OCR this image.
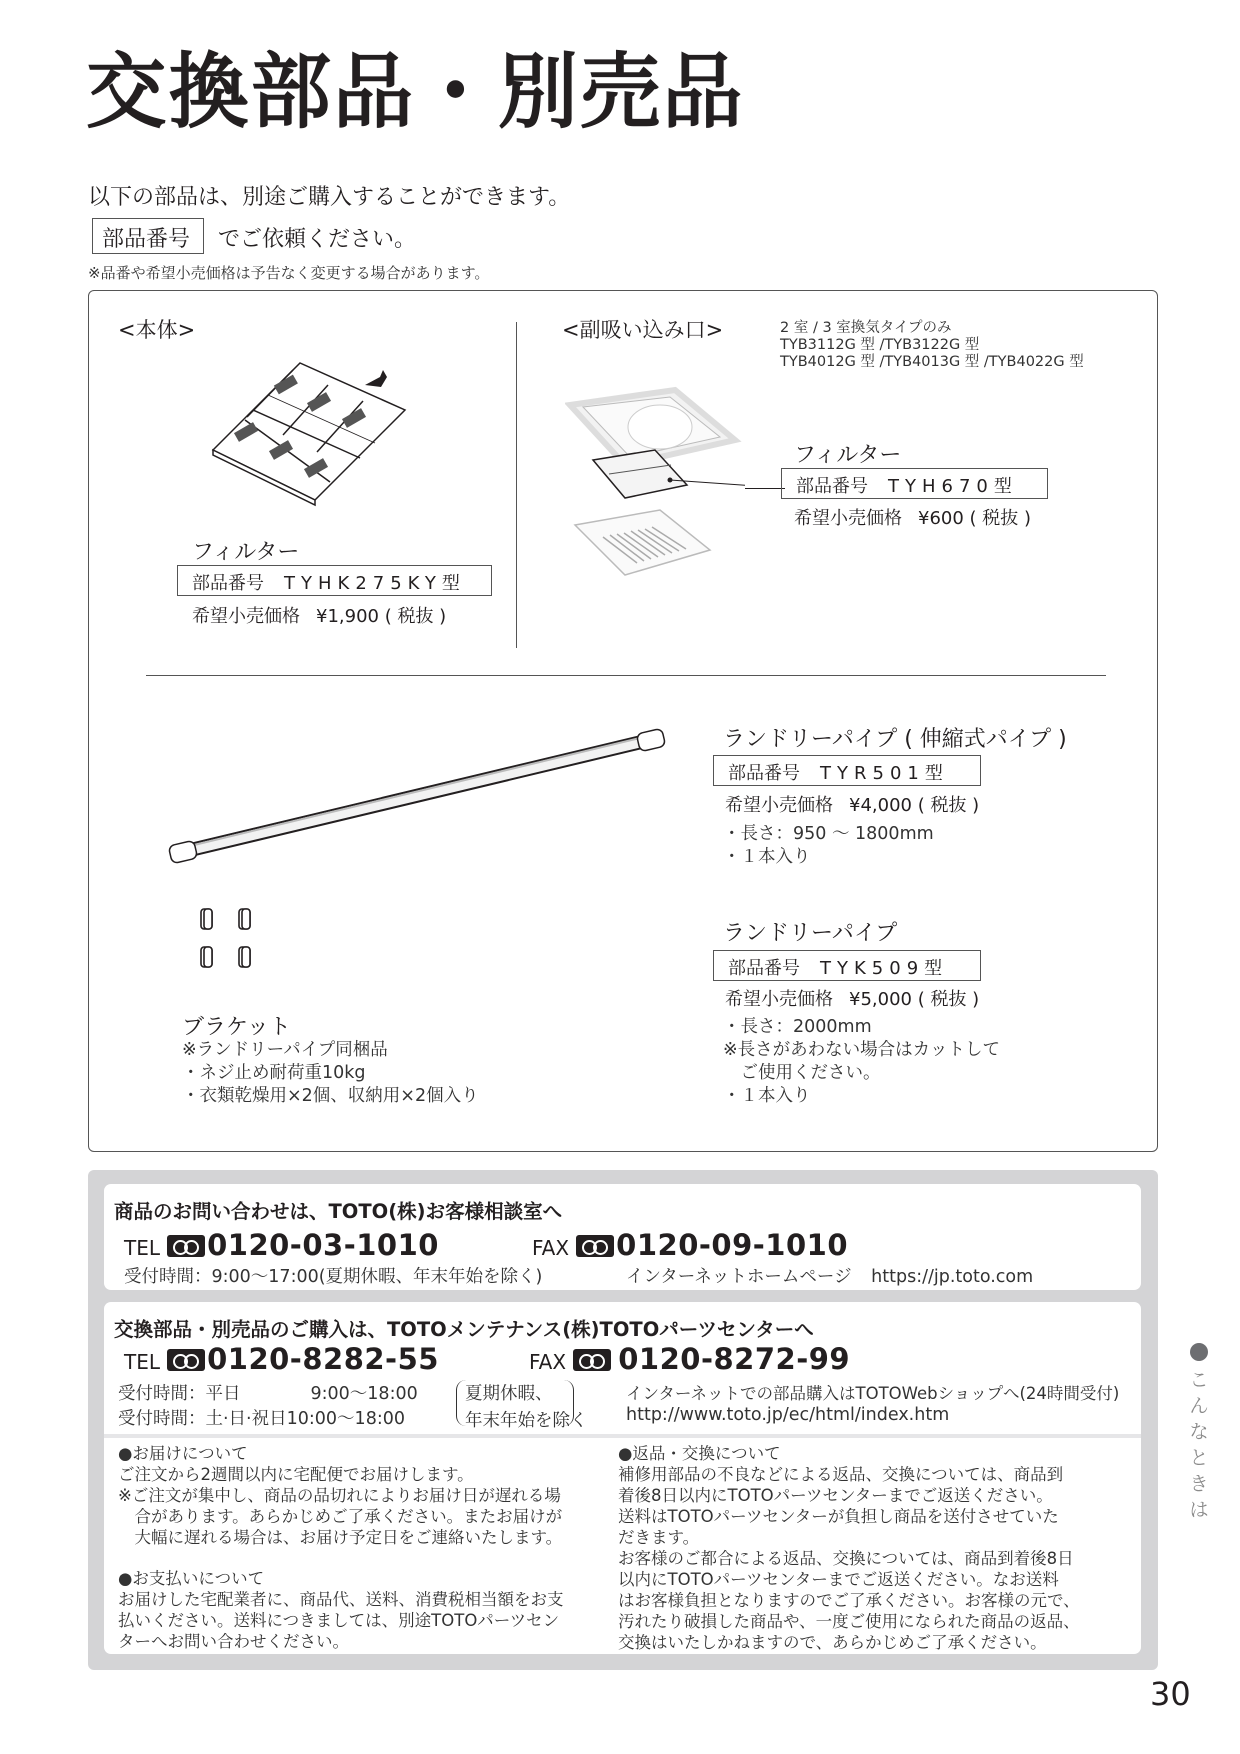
交換部品・別売品
以下の部品は、別途ご購入することができます。
部品番号	でご依頼ください。
※品番や希望小売価格は予告なく変更する場合があります。
<本体>
フィルター
部品番号 TYHK275KY型
希望小売価格 ¥1,900 ( 税抜 )
<副吸い込み口>	2 室 / 3 室換気タイプのみ
TYB3112G 型 /TYB3122G 型
TYB4012G 型 /TYB4013G 型 /TYB4022G 型
フィルター
部品番号 TYH670型
希望小売価格 ¥600 ( 税抜 )
ランドリーパイプ ( 伸縮式パイプ )
部品番号 TYR501型
希望小売価格 ¥4,000 ( 税抜 )
・長さ：950 〜 1800mm
・１本入り
ランドリーパイプ
部品番号 TYK509型
希望小売価格 ¥5,000 ( 税抜 )
・長さ：2000mm
※長さがあわない場合はカットして
　ご使用ください。
・１本入り
ブラケット
※ランドリーパイプ同梱品
・ネジ止め耐荷重10kg
・衣類乾燥用×2個、収納用×2個入り
商品のお問い合わせは、TOTO(株)お客様相談室へ
TEL 0120-03-1010	FAX 0120-09-1010
受付時間：9:00〜17:00(夏期休暇、年末年始を除く)	インターネットホームページ https://jp.toto.com
交換部品・別売品のご購入は、TOTOメンテナンス(株)TOTOパーツセンターへ
TEL 0120-8282-55	FAX 0120-8272-99
受付時間：平日　　　　9:00〜18:00
受付時間：土·日·祝日10:00〜18:00
夏期休暇、
年末年始を除く
インターネットでの部品購入はTOTOWebショップへ(24時間受付)
http://www.toto.jp/ec/html/index.htm
●お届けについて
ご注文から2週間以内に宅配便でお届けします。
※ご注文が集中し、商品の品切れによりお届け日が遅れる場
　合があります。あらかじめご了承ください。またお届けが
　大幅に遅れる場合は、お届け予定日をご連絡いたします。
●お支払いについて
お届けした宅配業者に、商品代、送料、消費税相当額をお支
払いください。送料につきましては、別途TOTOパーツセン
ターへお問い合わせください。
●返品・交換について
補修用部品の不良などによる返品、交換については、商品到
着後8日以内にTOTOパーツセンターまでご返送ください。
送料はTOTOパーツセンターが負担し商品を送付させていた
だきます。
お客様のご都合による返品、交換については、商品到着後8日
以内にTOTOパーツセンターまでご返送ください。なお送料
はお客様負担となりますのでご了承ください。お客様の元で、
汚れたり破損した商品や、一度ご使用になられた商品の返品、
交換はいたしかねますので、あらかじめご了承ください。
こ
ん
な
と
き
は
30
